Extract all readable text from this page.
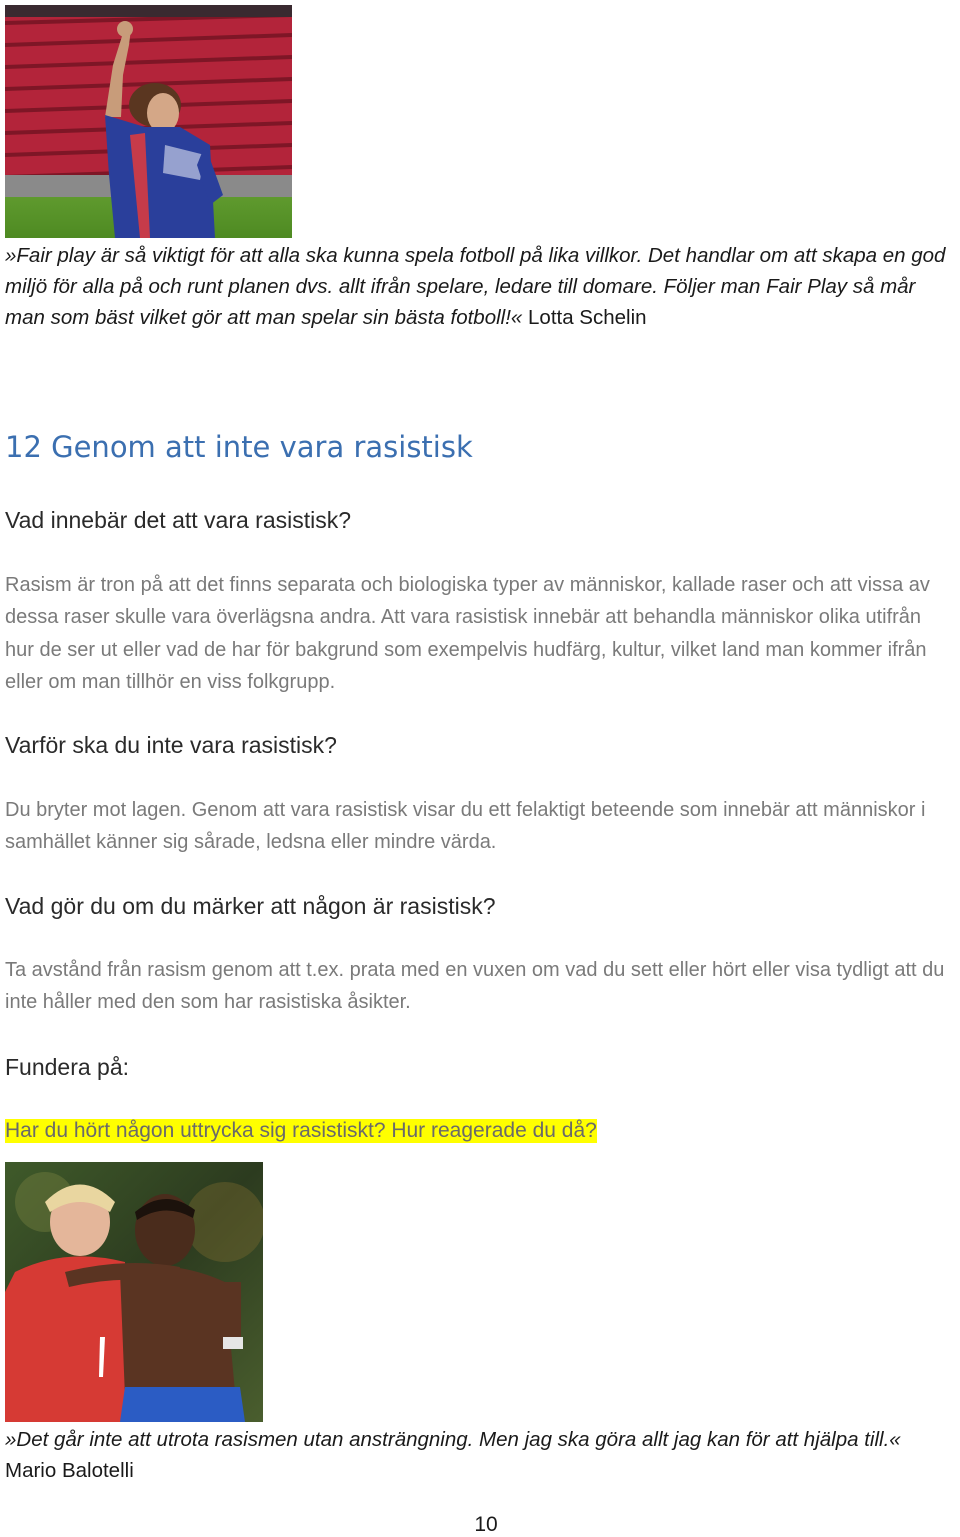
»Fair play är så viktigt för att alla ska kunna spela fotboll på lika villkor. Det handlar om att skapa en god miljö för alla på och runt planen dvs. allt ifrån spelare, ledare till domare. Följer man Fair Play så mår man som bäst vilket gör att man spelar sin bästa fotboll!« Lotta Schelin
12 Genom att inte vara rasistisk
Vad innebär det att vara rasistisk?
Rasism är tron på att det finns separata och biologiska typer av människor, kallade raser och att vissa av dessa raser skulle vara överlägsna andra. Att vara rasistisk innebär att behandla människor olika utifrån hur de ser ut eller vad de har för bakgrund som exempelvis hudfärg, kultur, vilket land man kommer ifrån eller om man tillhör en viss folkgrupp.
Varför ska du inte vara rasistisk?
Du bryter mot lagen. Genom att vara rasistisk visar du ett felaktigt beteende som innebär att människor i samhället känner sig sårade, ledsna eller mindre värda.
Vad gör du om du märker att någon är rasistisk?
Ta avstånd från rasism genom att t.ex. prata med en vuxen om vad du sett eller hört eller visa tydligt att du inte håller med den som har rasistiska åsikter.
Fundera på:
Har du hört någon uttrycka sig rasistiskt? Hur reagerade du då?
»Det går inte att utrota rasismen utan ansträngning. Men jag ska göra allt jag kan för att hjälpa till.«
Mario Balotelli
10
